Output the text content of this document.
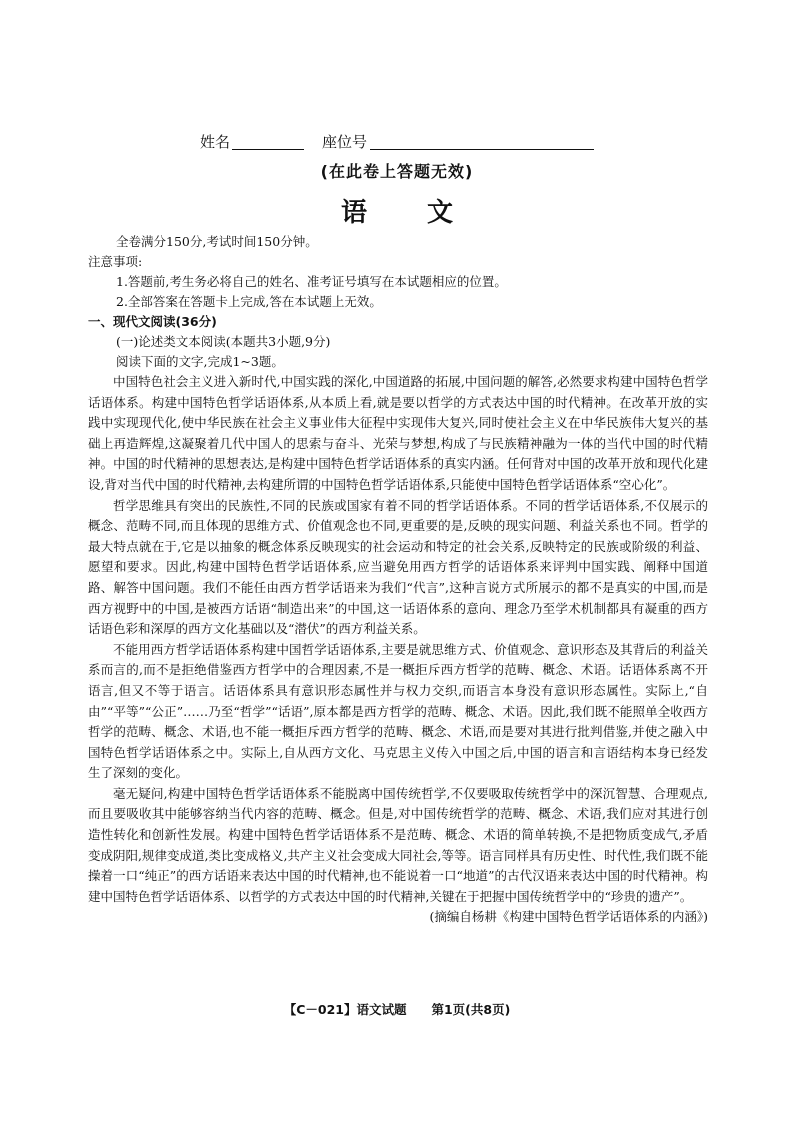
姓名	座位号
(在此卷上答题无效)
语文
全卷满分150分,考试时间150分钟。
注意事项:
1.答题前,考生务必将自己的姓名、准考证号填写在本试题相应的位置。
2.全部答案在答题卡上完成,答在本试题上无效。
一、现代文阅读(36分)
(一)论述类文本阅读(本题共3小题,9分)
阅读下面的文字,完成1~3题。

中国特色社会主义进入新时代,中国实践的深化,中国道路的拓展,中国问题的解答,必然要求构建中国特色哲学话语体系。构建中国特色哲学话语体系,从本质上看,就是要以哲学的方式表达中国的时代精神。在改革开放的实践中实现现代化,使中华民族在社会主义事业伟大征程中实现伟大复兴,同时使社会主义在中华民族伟大复兴的基础上再造辉煌,这凝聚着几代中国人的思索与奋斗、光荣与梦想,构成了与民族精神融为一体的当代中国的时代精神。中国的时代精神的思想表达,是构建中国特色哲学话语体系的真实内涵。任何背对中国的改革开放和现代化建设,背对当代中国的时代精神,去构建所谓的中国特色哲学话语体系,只能使中国特色哲学话语体系“空心化”。

哲学思维具有突出的民族性,不同的民族或国家有着不同的哲学话语体系。不同的哲学话语体系,不仅展示的概念、范畴不同,而且体现的思维方式、价值观念也不同,更重要的是,反映的现实问题、利益关系也不同。哲学的最大特点就在于,它是以抽象的概念体系反映现实的社会运动和特定的社会关系,反映特定的民族或阶级的利益、愿望和要求。因此,构建中国特色哲学话语体系,应当避免用西方哲学的话语体系来评判中国实践、阐释中国道路、解答中国问题。我们不能任由西方哲学话语来为我们“代言”,这种言说方式所展示的都不是真实的中国,而是西方视野中的中国,是被西方话语“制造出来”的中国,这一话语体系的意向、理念乃至学术机制都具有凝重的西方话语色彩和深厚的西方文化基础以及“潜伏”的西方利益关系。

不能用西方哲学话语体系构建中国哲学话语体系,主要是就思维方式、价值观念、意识形态及其背后的利益关系而言的,而不是拒绝借鉴西方哲学中的合理因素,不是一概拒斥西方哲学的范畴、概念、术语。话语体系离不开语言,但又不等于语言。话语体系具有意识形态属性并与权力交织,而语言本身没有意识形态属性。实际上,“自由”“平等”“公正”……乃至“哲学”“话语”,原本都是西方哲学的范畴、概念、术语。因此,我们既不能照单全收西方哲学的范畴、概念、术语,也不能一概拒斥西方哲学的范畴、概念、术语,而是要对其进行批判借鉴,并使之融入中国特色哲学话语体系之中。实际上,自从西方文化、马克思主义传入中国之后,中国的语言和言语结构本身已经发生了深刻的变化。

毫无疑问,构建中国特色哲学话语体系不能脱离中国传统哲学,不仅要吸取传统哲学中的深沉智慧、合理观点,而且要吸收其中能够容纳当代内容的范畴、概念。但是,对中国传统哲学的范畴、概念、术语,我们应对其进行创造性转化和创新性发展。构建中国特色哲学话语体系不是范畴、概念、术语的简单转换,不是把物质变成气,矛盾变成阴阳,规律变成道,类比变成格义,共产主义社会变成大同社会,等等。语言同样具有历史性、时代性,我们既不能操着一口“纯正”的西方话语来表达中国的时代精神,也不能说着一口“地道”的古代汉语来表达中国的时代精神。构建中国特色哲学话语体系、以哲学的方式表达中国的时代精神,关键在于把握中国传统哲学中的“珍贵的遗产”。

(摘编自杨耕《构建中国特色哲学话语体系的内涵》)

【C－021】语文试题　　第1页(共8页)
